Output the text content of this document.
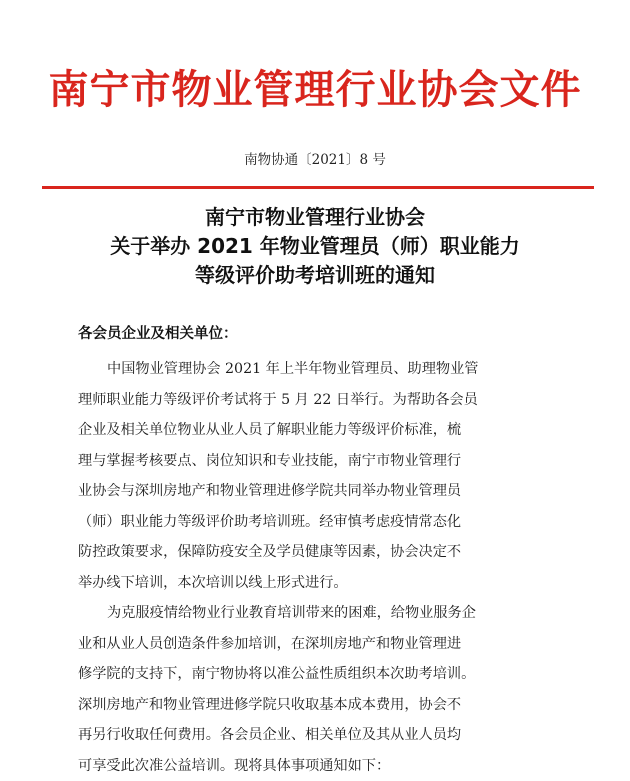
南宁市物业管理行业协会文件
南物协通〔2021〕8 号
南宁市物业管理行业协会
关于举办 2021 年物业管理员（师）职业能力
等级评价助考培训班的通知
各会员企业及相关单位：
中国物业管理协会 2021 年上半年物业管理员、助理物业管
理师职业能力等级评价考试将于 5 月 22 日举行。为帮助各会员
企业及相关单位物业从业人员了解职业能力等级评价标准，梳
理与掌握考核要点、岗位知识和专业技能，南宁市物业管理行
业协会与深圳房地产和物业管理进修学院共同举办物业管理员
（师）职业能力等级评价助考培训班。经审慎考虑疫情常态化
防控政策要求，保障防疫安全及学员健康等因素，协会决定不
举办线下培训，本次培训以线上形式进行。
为克服疫情给物业行业教育培训带来的困难，给物业服务企
业和从业人员创造条件参加培训，在深圳房地产和物业管理进
修学院的支持下，南宁物协将以准公益性质组织本次助考培训。
深圳房地产和物业管理进修学院只收取基本成本费用，协会不
再另行收取任何费用。各会员企业、相关单位及其从业人员均
可享受此次准公益培训。现将具体事项通知如下：
